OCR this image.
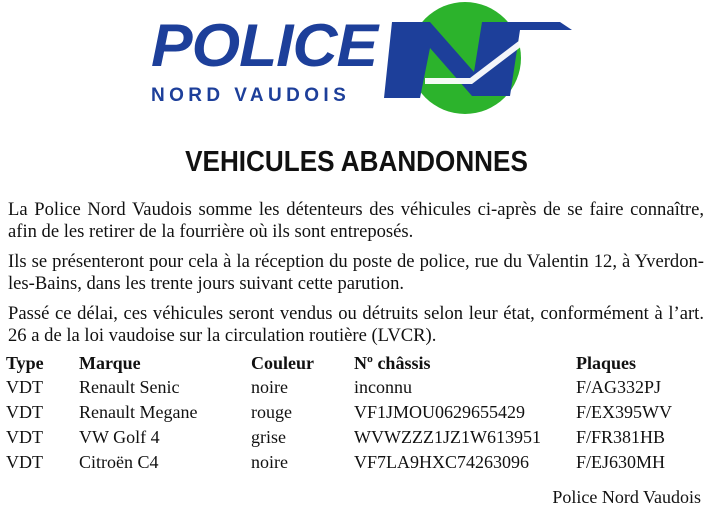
POLICE
NORD VAUDOIS
VEHICULES ABANDONNES

La Police Nord Vaudois somme les détenteurs des véhicules ci-après de se faire connaître, afin de les retirer de la fourrière où ils sont entreposés.

Ils se présenteront pour cela à la réception du poste de police, rue du Valentin 12, à Yverdon-les-Bains, dans les trente jours suivant cette parution.

Passé ce délai, ces véhicules seront vendus ou détruits selon leur état, conformément à l’art. 26 a de la loi vaudoise sur la circulation routière (LVCR).

Type	Marque	Couleur	Nº châssis	Plaques
VDT	Renault Senic	noire	inconnu	F/AG332PJ
VDT	Renault Megane	rouge	VF1JMOU0629655429	F/EX395WV
VDT	VW Golf 4	grise	WVWZZZ1JZ1W613951	F/FR381HB
VDT	Citroën C4	noire	VF7LA9HXC74263096	F/EJ630MH
Police Nord Vaudois
